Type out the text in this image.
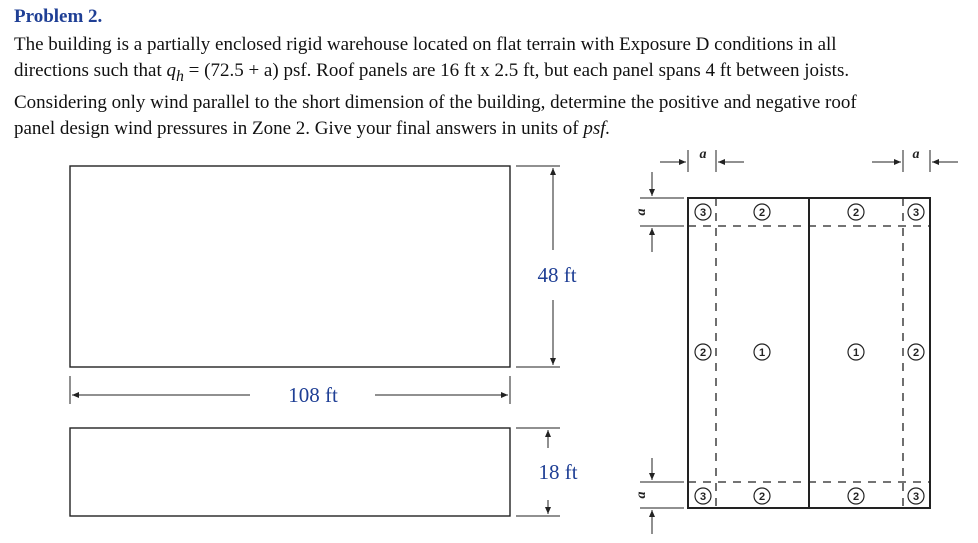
Problem 2.

The building is a partially enclosed rigid warehouse located on flat terrain with Exposure D conditions in all

directions such that $q_h = (72.5 + a)$ psf. Roof panels are 16 ft x 2.5 ft, but each panel spans 4 ft between joists.

Considering only wind parallel to the short dimension of the building, determine the positive and negative roof

panel design wind pressures in Zone 2. Give your final answers in units of psf.

48 ft
108 ft
18 ft
a	a
a
a
3	2	2	3
2	1	1	2
3	2	2	3
